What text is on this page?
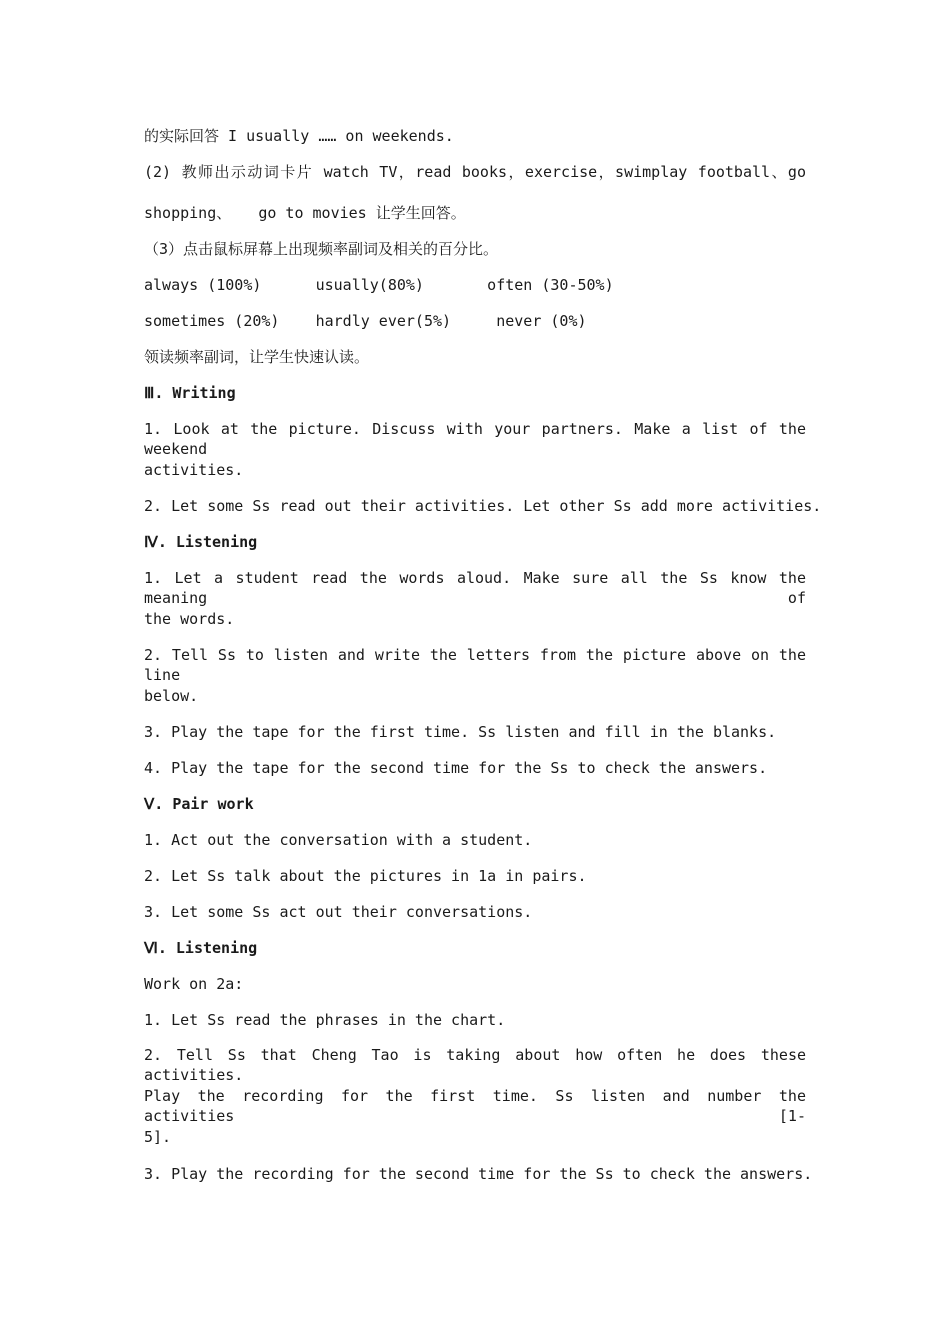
的实际回答 I usually …… on weekends.
(2) 教师出示动词卡片 watch TV，read books，exercise，swimplay football、go
shopping、   go to movies 让学生回答。
（3）点击鼠标屏幕上出现频率副词及相关的百分比。
always (100%)      usually(80%)       often (30-50%)
sometimes (20%)    hardly ever(5%)     never (0%)
领读频率副词，让学生快速认读。
Ⅲ. Writing
1. Look at the picture. Discuss with your partners. Make a list of the weekend
activities.
2. Let some Ss read out their activities. Let other Ss add more activities.
Ⅳ. Listening
1. Let a student read the words aloud. Make sure all the Ss know the meaning of
the words.
2. Tell Ss to listen and write the letters from the picture above on the line
below.
3. Play the tape for the first time. Ss listen and fill in the blanks.
4. Play the tape for the second time for the Ss to check the answers.
Ⅴ. Pair work
1. Act out the conversation with a student.
2. Let Ss talk about the pictures in 1a in pairs.
3. Let some Ss act out their conversations.
Ⅵ. Listening
Work on 2a:
1. Let Ss read the phrases in the chart.
2. Tell Ss that Cheng Tao is taking about how often he does these activities.
Play the recording for the first time. Ss listen and number the activities [1-
5].
3. Play the recording for the second time for the Ss to check the answers.
